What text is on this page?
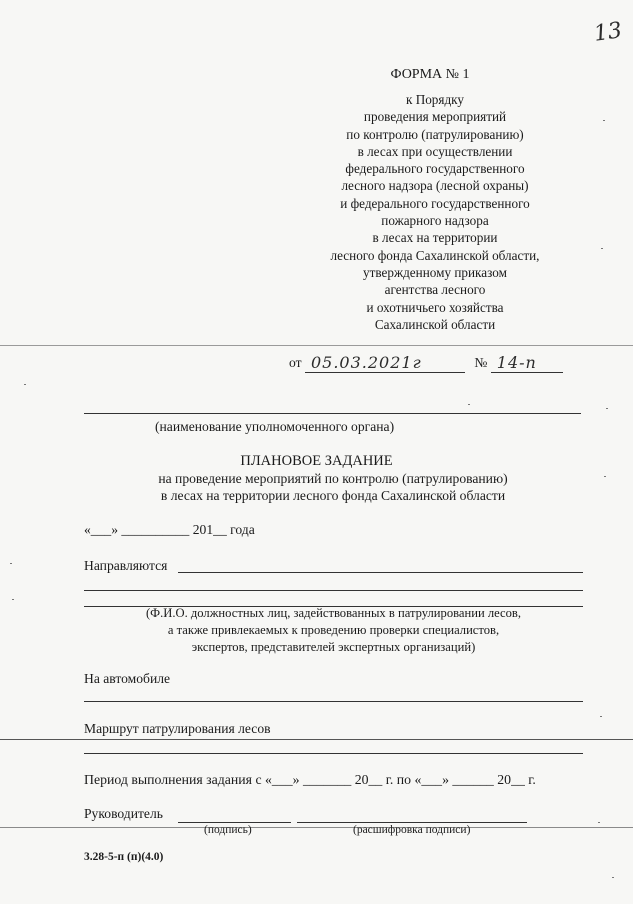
13
ФОРМА № 1
к Порядку
проведения мероприятий
по контролю (патрулированию)
в лесах при осуществлении
федерального государственного
лесного надзора (лесной охраны)
и федерального государственного
пожарного надзора
в лесах на территории
лесного фонда Сахалинской области,
утвержденному приказом
агентства лесного
и охотничьего хозяйства
Сахалинской области
от 05.03.2021г	№ 14-п
(наименование уполномоченного органа)
ПЛАНОВОЕ ЗАДАНИЕ
на проведение мероприятий по контролю (патрулированию)
в лесах на территории лесного фонда Сахалинской области
«___» __________ 201__ года
Направляются
(Ф.И.О. должностных лиц, задействованных в патрулировании лесов,
а также привлекаемых к проведению проверки специалистов,
экспертов, представителей экспертных организаций)
На автомобиле
Маршрут патрулирования лесов
Период выполнения задания с «___» _______ 20__ г. по «___» ______ 20__ г.
Руководитель
(подпись)	(расшифровка подписи)
3.28-5-п (п)(4.0)
